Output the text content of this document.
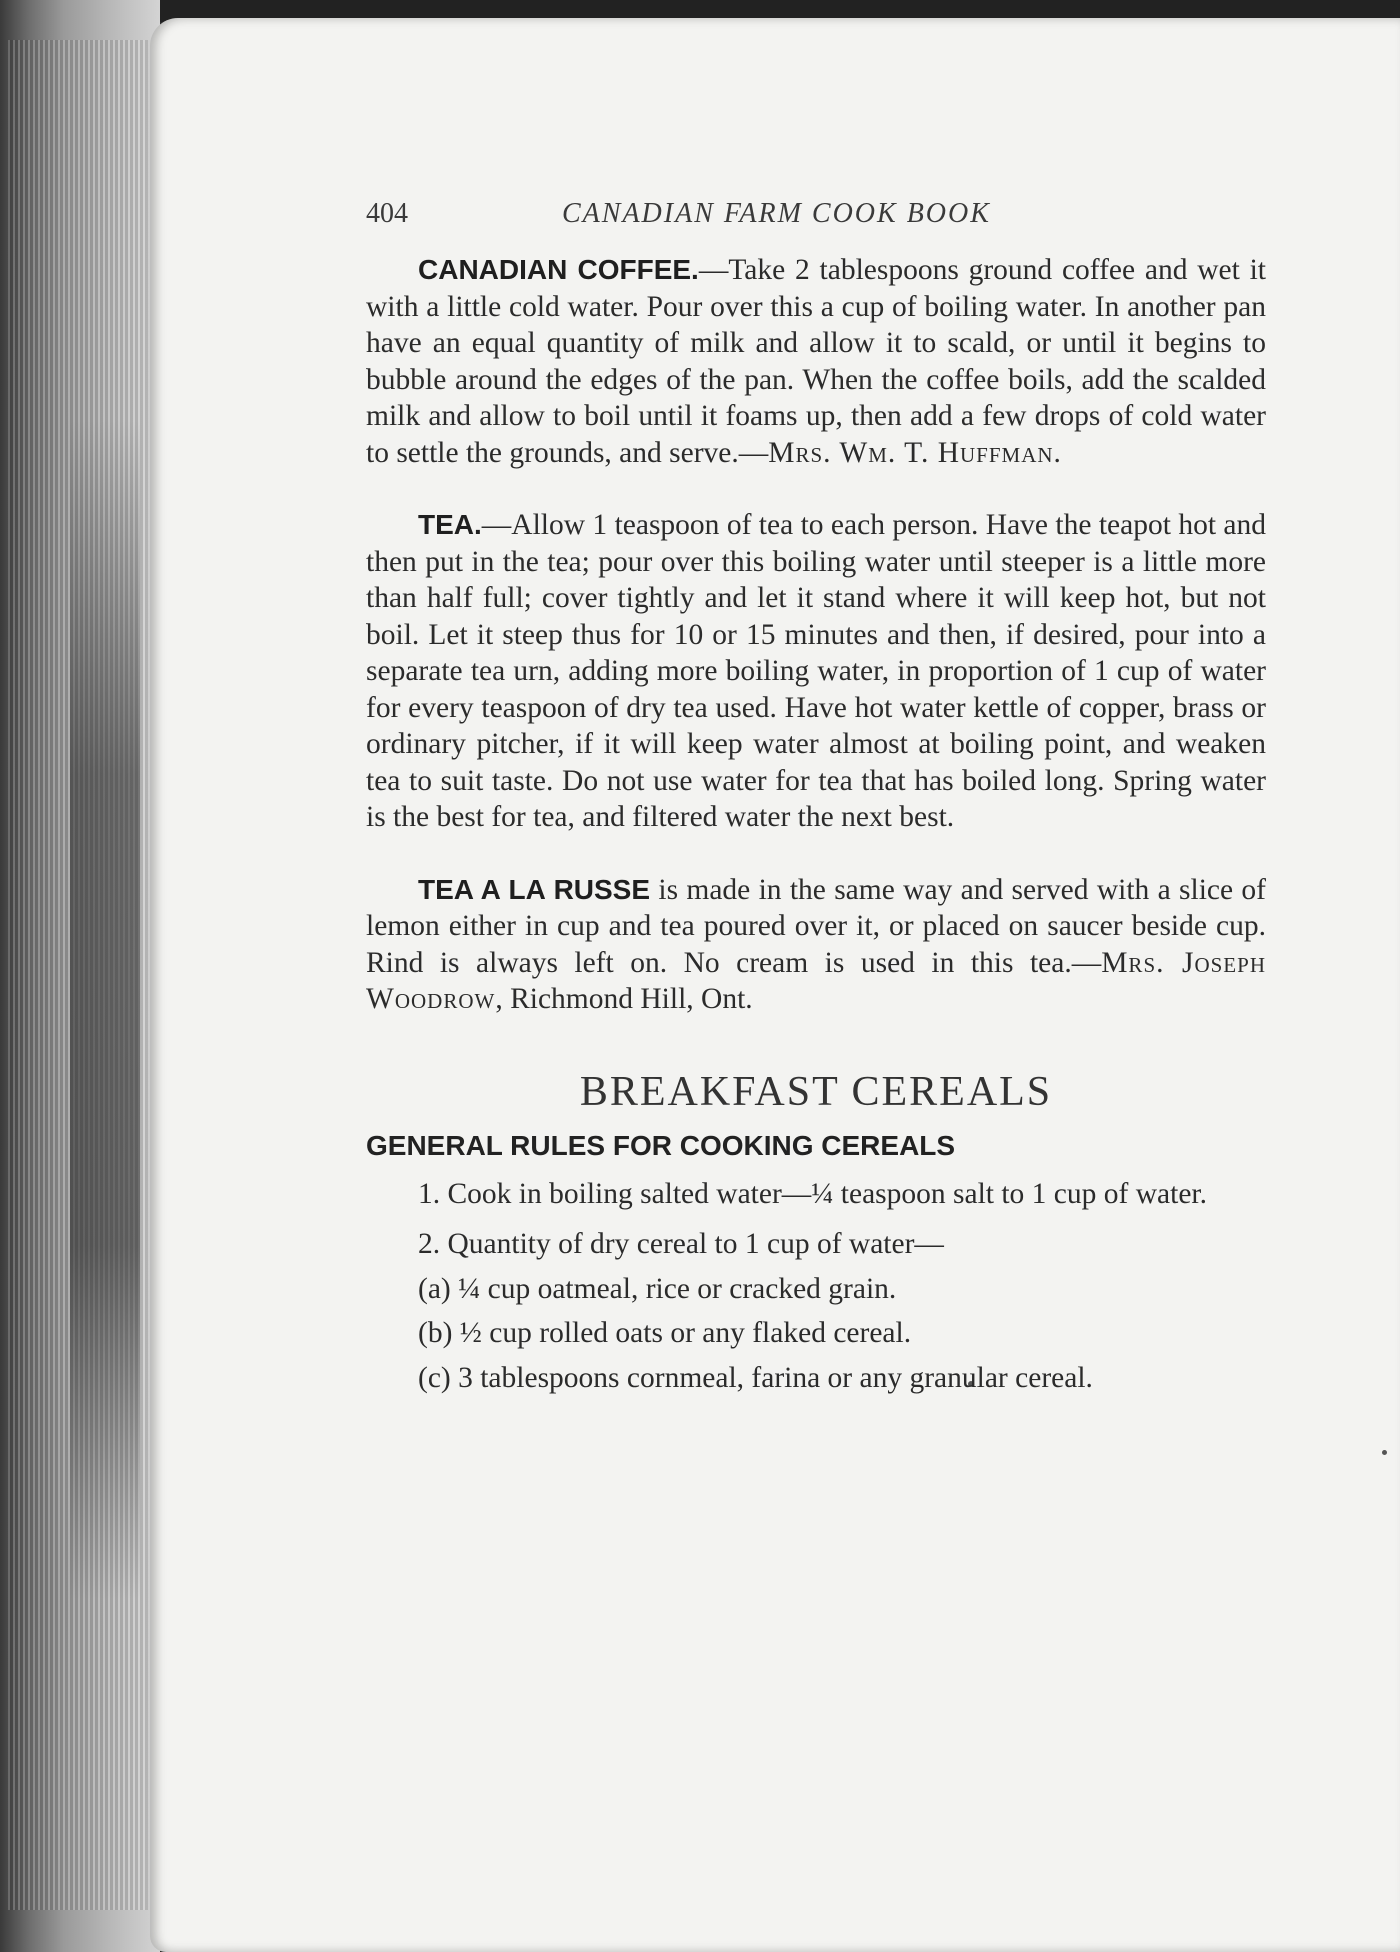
404	CANADIAN FARM COOK BOOK

CANADIAN COFFEE.—Take 2 tablespoons ground coffee and wet it with a little cold water. Pour over this a cup of boiling water. In another pan have an equal quantity of milk and allow it to scald, or until it begins to bubble around the edges of the pan. When the coffee boils, add the scalded milk and allow to boil until it foams up, then add a few drops of cold water to settle the grounds, and serve.—Mrs. Wm. T. Huffman.

TEA.—Allow 1 teaspoon of tea to each person. Have the teapot hot and then put in the tea; pour over this boiling water until steeper is a little more than half full; cover tightly and let it stand where it will keep hot, but not boil. Let it steep thus for 10 or 15 minutes and then, if desired, pour into a separate tea urn, adding more boiling water, in proportion of 1 cup of water for every teaspoon of dry tea used. Have hot water kettle of copper, brass or ordinary pitcher, if it will keep water almost at boiling point, and weaken tea to suit taste. Do not use water for tea that has boiled long. Spring water is the best for tea, and filtered water the next best.

TEA A LA RUSSE is made in the same way and served with a slice of lemon either in cup and tea poured over it, or placed on saucer beside cup. Rind is always left on. No cream is used in this tea.—Mrs. Joseph Woodrow, Richmond Hill, Ont.

BREAKFAST CEREALS
GENERAL RULES FOR COOKING CEREALS

1. Cook in boiling salted water—¼ teaspoon salt to 1 cup of water.

2. Quantity of dry cereal to 1 cup of water—

(a) ¼ cup oatmeal, rice or cracked grain.

(b) ½ cup rolled oats or any flaked cereal.

(c) 3 tablespoons cornmeal, farina or any granular cereal.
